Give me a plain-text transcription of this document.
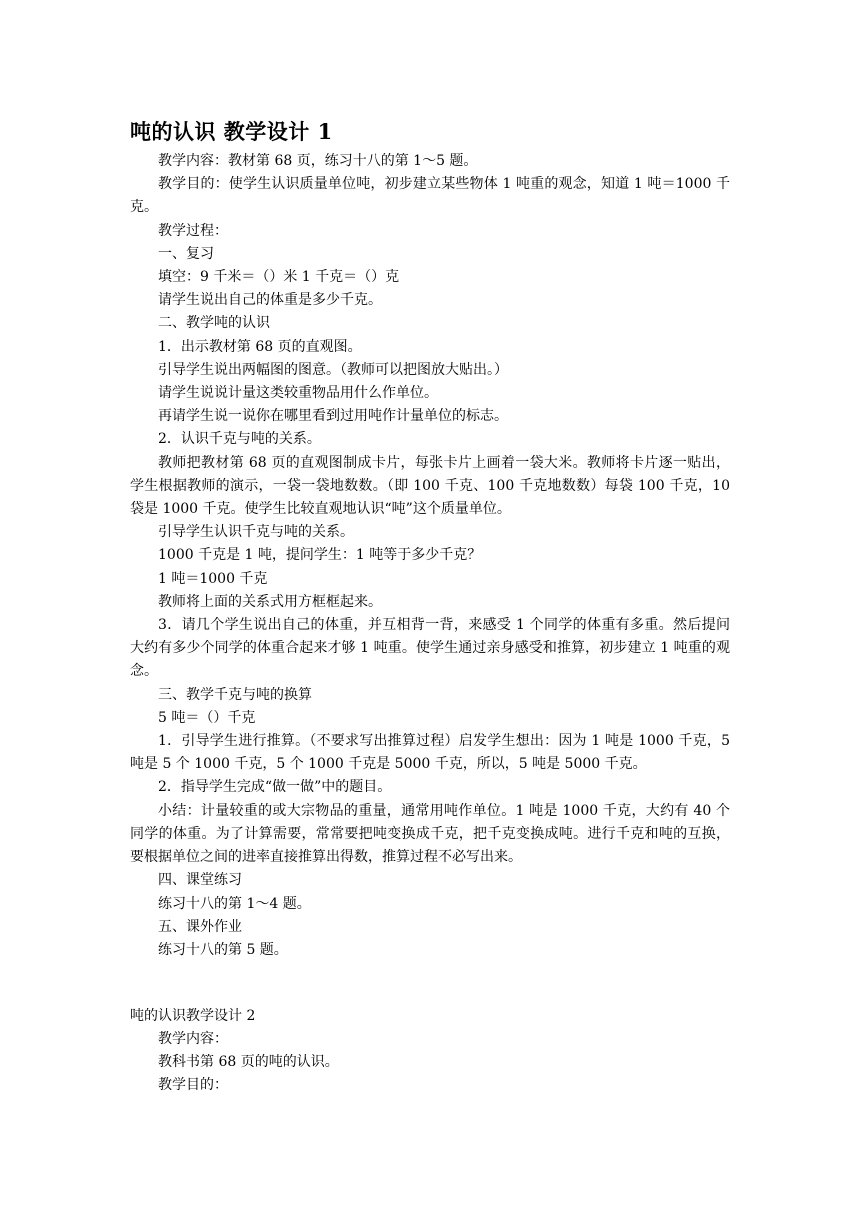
吨的认识 教学设计 1

教学内容：教材第 68 页，练习十八的第 1～5 题。

教学目的：使学生认识质量单位吨，初步建立某些物体 1 吨重的观念，知道 1 吨＝1000 千克。

教学过程：

一、复习

填空：9 千米＝（）米 1 千克＝（）克

请学生说出自己的体重是多少千克。

二、教学吨的认识

1．出示教材第 68 页的直观图。

引导学生说出两幅图的图意。（教师可以把图放大贴出。）

请学生说说计量这类较重物品用什么作单位。

再请学生说一说你在哪里看到过用吨作计量单位的标志。

2．认识千克与吨的关系。

教师把教材第 68 页的直观图制成卡片，每张卡片上画着一袋大米。教师将卡片逐一贴出，学生根据教师的演示，一袋一袋地数数。（即 100 千克、100 千克地数数）每袋 100 千克，10 袋是 1000 千克。使学生比较直观地认识“吨”这个质量单位。

引导学生认识千克与吨的关系。

1000 千克是 1 吨，提问学生：1 吨等于多少千克？

1 吨＝1000 千克

教师将上面的关系式用方框框起来。

3．请几个学生说出自己的体重，并互相背一背，来感受 1 个同学的体重有多重。然后提问大约有多少个同学的体重合起来才够 1 吨重。使学生通过亲身感受和推算，初步建立 1 吨重的观念。

三、教学千克与吨的换算

5 吨＝（）千克

1．引导学生进行推算。（不要求写出推算过程）启发学生想出：因为 1 吨是 1000 千克，5 吨是 5 个 1000 千克，5 个 1000 千克是 5000 千克，所以，5 吨是 5000 千克。

2．指导学生完成“做一做”中的题目。

小结：计量较重的或大宗物品的重量，通常用吨作单位。1 吨是 1000 千克，大约有 40 个同学的体重。为了计算需要，常常要把吨变换成千克，把千克变换成吨。进行千克和吨的互换，要根据单位之间的进率直接推算出得数，推算过程不必写出来。

四、课堂练习

练习十八的第 1～4 题。

五、课外作业

练习十八的第 5 题。

吨的认识教学设计 2

教学内容：

教科书第 68 页的吨的认识。

教学目的：
